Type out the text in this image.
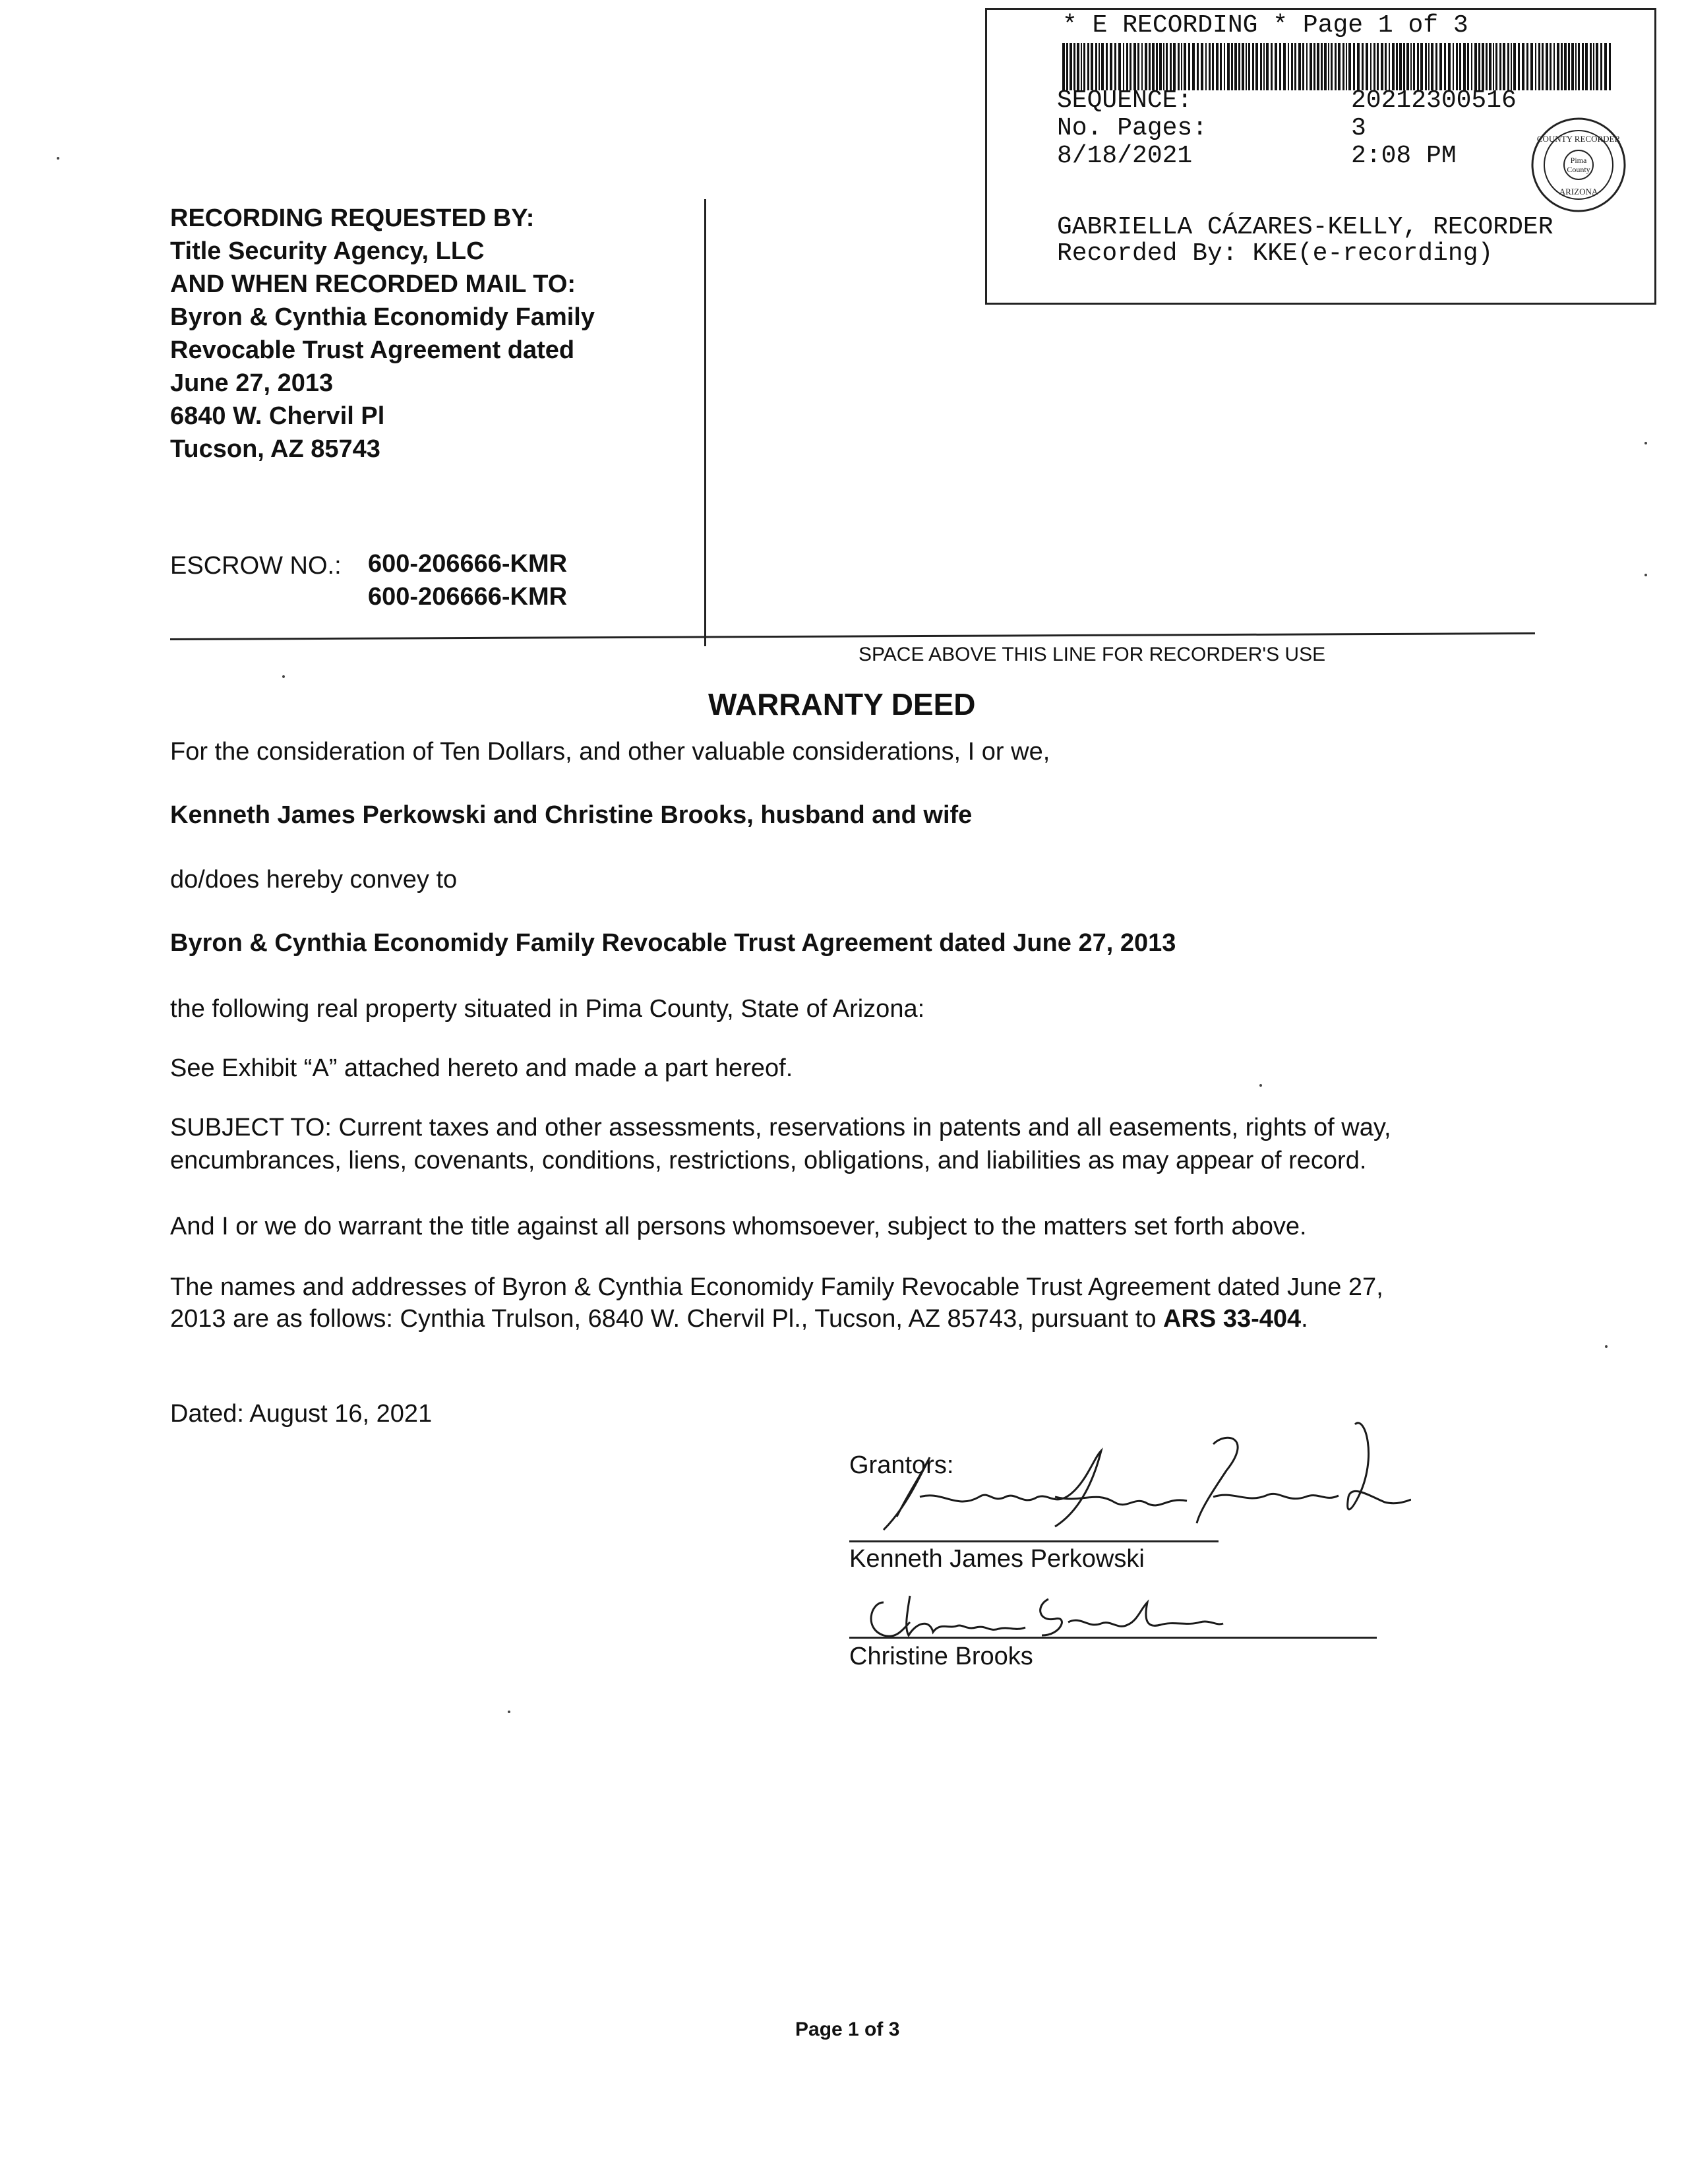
* E RECORDING * Page 1 of 3
SEQUENCE:	20212300516
No. Pages:	3
8/18/2021	2:08 PM	Pima
County
COUNTY RECORDER
ARIZONA
GABRIELLA CÁZARES-KELLY, RECORDER
Recorded By: KKE(e-recording)
RECORDING REQUESTED BY:
Title Security Agency, LLC
AND WHEN RECORDED MAIL TO:
Byron & Cynthia Economidy Family
Revocable Trust Agreement dated
June 27, 2013
6840 W. Chervil Pl
Tucson, AZ 85743
ESCROW NO.: 600-206666-KMR
600-206666-KMR
SPACE ABOVE THIS LINE FOR RECORDER'S USE
WARRANTY DEED
For the consideration of Ten Dollars, and other valuable considerations, I or we,
Kenneth James Perkowski and Christine Brooks, husband and wife
do/does hereby convey to
Byron & Cynthia Economidy Family Revocable Trust Agreement dated June 27, 2013
the following real property situated in Pima County, State of Arizona:
See Exhibit “A” attached hereto and made a part hereof.
SUBJECT TO: Current taxes and other assessments, reservations in patents and all easements, rights of way,
encumbrances, liens, covenants, conditions, restrictions, obligations, and liabilities as may appear of record.
And I or we do warrant the title against all persons whomsoever, subject to the matters set forth above.
The names and addresses of Byron & Cynthia Economidy Family Revocable Trust Agreement dated June 27,
2013 are as follows: Cynthia Trulson, 6840 W. Chervil Pl., Tucson, AZ 85743, pursuant to ARS 33-404.
Dated: August 16, 2021
Grantors:
Kenneth James Perkowski
Christine Brooks
Page 1 of 3
